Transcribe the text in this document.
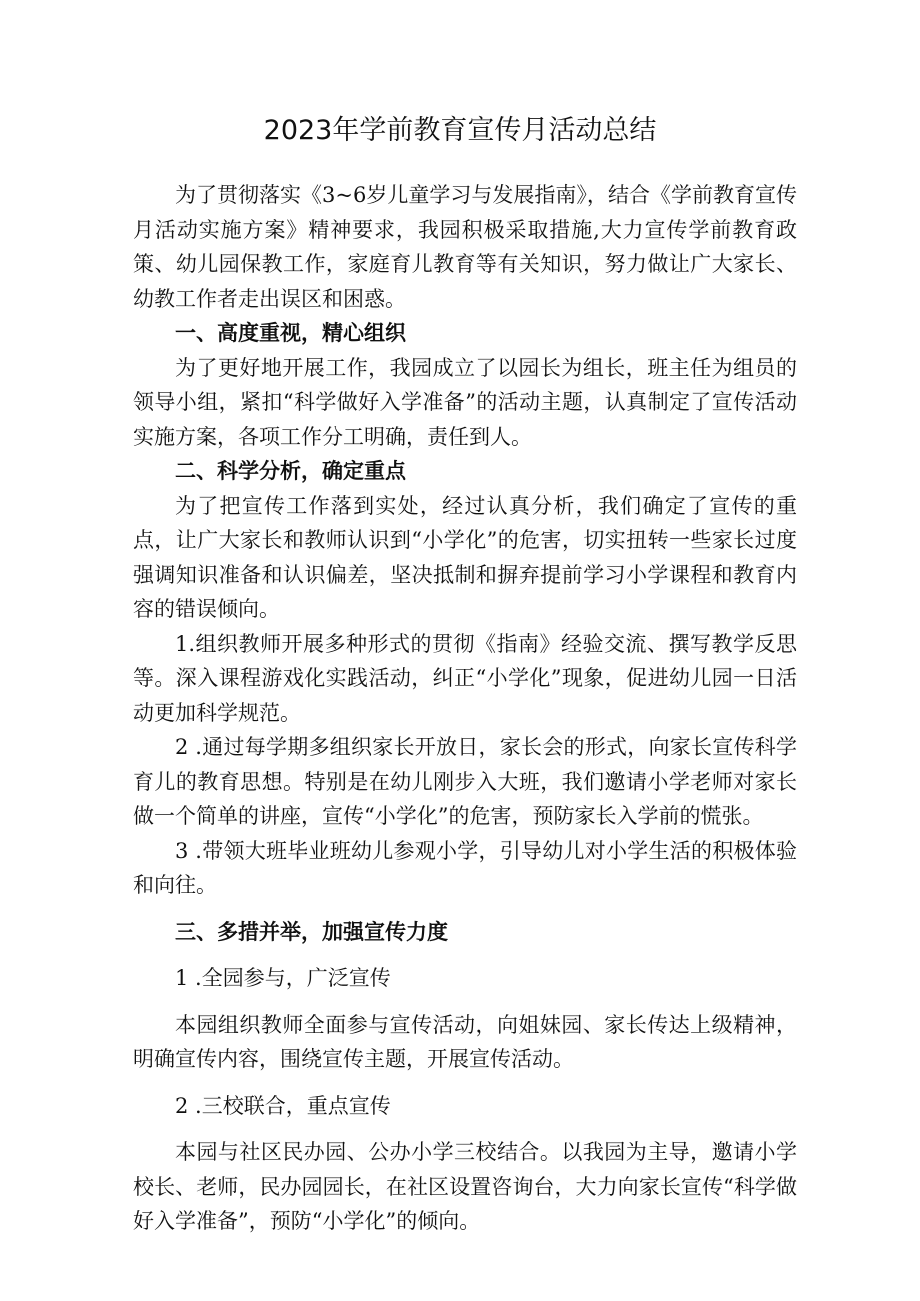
2023年学前教育宣传月活动总结

为了贯彻落实《3~6岁儿童学习与发展指南》，结合《学前教育宣传月活动实施方案》精神要求，我园积极采取措施,大力宣传学前教育政策、幼儿园保教工作，家庭育儿教育等有关知识，努力做让广大家长、幼教工作者走出误区和困惑。

一、高度重视，精心组织

为了更好地开展工作，我园成立了以园长为组长，班主任为组员的领导小组，紧扣“科学做好入学准备”的活动主题，认真制定了宣传活动实施方案，各项工作分工明确，责任到人。

二、科学分析，确定重点

为了把宣传工作落到实处，经过认真分析，我们确定了宣传的重点，让广大家长和教师认识到“小学化”的危害，切实扭转一些家长过度强调知识准备和认识偏差，坚决抵制和摒弃提前学习小学课程和教育内容的错误倾向。

1.组织教师开展多种形式的贯彻《指南》经验交流、撰写教学反思等。深入课程游戏化实践活动，纠正“小学化”现象，促进幼儿园一日活动更加科学规范。

2 .通过每学期多组织家长开放日，家长会的形式，向家长宣传科学育儿的教育思想。特别是在幼儿刚步入大班，我们邀请小学老师对家长做一个简单的讲座，宣传“小学化”的危害，预防家长入学前的慌张。

3 .带领大班毕业班幼儿参观小学，引导幼儿对小学生活的积极体验和向往。

三、多措并举，加强宣传力度

1 .全园参与，广泛宣传

本园组织教师全面参与宣传活动，向姐妹园、家长传达上级精神，明确宣传内容，围绕宣传主题，开展宣传活动。

2 .三校联合，重点宣传

本园与社区民办园、公办小学三校结合。以我园为主导，邀请小学校长、老师，民办园园长，在社区设置咨询台，大力向家长宣传“科学做好入学准备”，预防“小学化”的倾向。
